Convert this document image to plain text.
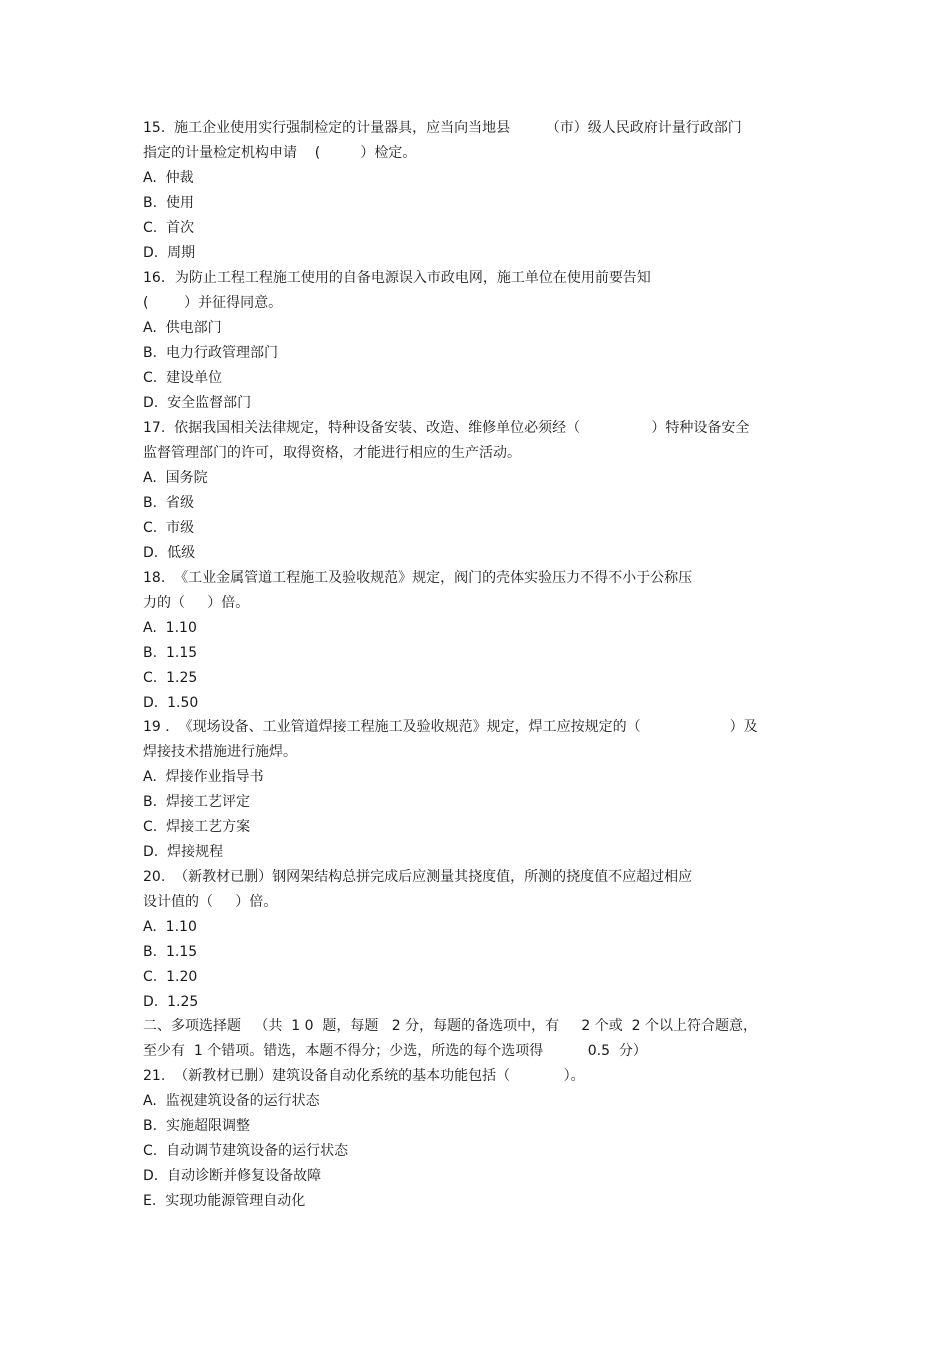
15.  施工企业使用实行强制检定的计量器具，应当向当地县        （市）级人民政府计量行政部门
指定的计量检定机构申请    (         ）检定。
A.  仲裁
B.  使用
C.  首次
D.  周期
16．为防止工程工程施工使用的自备电源误入市政电网，施工单位在使用前要告知
(        ）并征得同意。
A.  供电部门
B.  电力行政管理部门
C.  建设单位
D.  安全监督部门
17.  依据我国相关法律规定，特种设备安装、改造、维修单位必须经（                ）特种设备安全
监督管理部门的许可，取得资格，才能进行相应的生产活动。
A.  国务院
B.  省级
C.  市级
D.  低级
18.  《工业金属管道工程施工及验收规范》规定，阀门的壳体实验压力不得不小于公称压
力的（     ）倍。
A.  1.10
B.  1.15
C.  1.25
D.  1.50
19 .  《现场设备、工业管道焊接工程施工及验收规范》规定，焊工应按规定的（                    ）及
焊接技术措施进行施焊。
A.  焊接作业指导书
B.  焊接工艺评定
C.  焊接工艺方案
D.  焊接规程
20.  （新教材已删）钢网架结构总拼完成后应测量其挠度值，所测的挠度值不应超过相应
设计值的（     ）倍。
A.  1.10
B.  1.15
C.  1.20
D.  1.25
二、多项选择题   （共  1 0  题，每题   2 分，每题的备选项中，有     2 个或  2 个以上符合题意，
至少有  1 个错项。错选，本题不得分；少选，所选的每个选项得          0.5  分）
21.  （新教材已删）建筑设备自动化系统的基本功能包括（            ）。
A.  监视建筑设备的运行状态
B.  实施超限调整
C.  自动调节建筑设备的运行状态
D.  自动诊断并修复设备故障
E.  实现功能源管理自动化
